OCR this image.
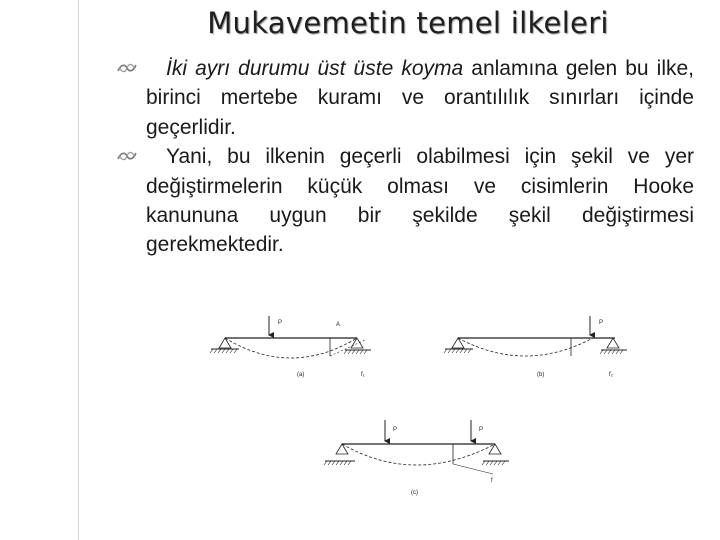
Mukavemetin temel ilkeleri
İki ayrı durumu üst üste koyma anlamına gelen bu ilke, birinci mertebe kuramı ve orantılılık sınırları içinde geçerlidir.
Yani, bu ilkenin geçerli olabilmesi için şekil ve yer değiştirmelerin küçük olması ve cisimlerin Hooke kanununa uygun bir şekilde şekil değiştirmesi gerekmektedir.
P	A
(a)	f₁
P
(b)	f₂
P	P
f
(c)
